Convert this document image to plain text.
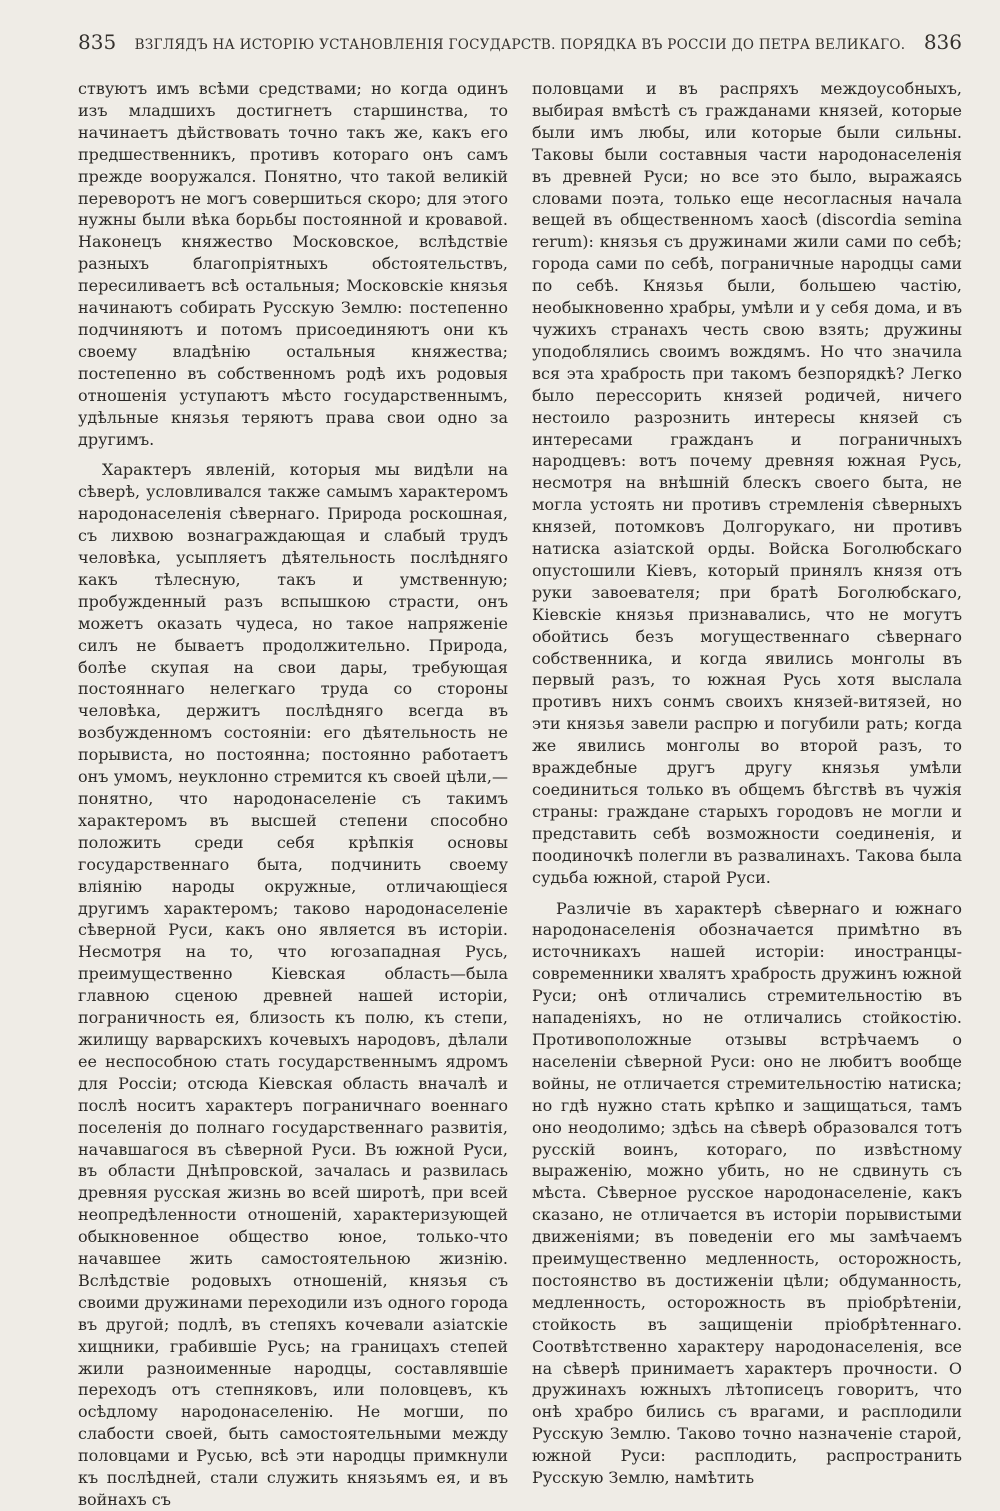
835	ВЗГЛЯДЪ НА ИСТОРІЮ УСТАНОВЛЕНІЯ ГОСУДАРСТВ. ПОРЯДКА ВЪ РОССІИ ДО ПЕТРА ВЕЛИКАГО. 836

ствуютъ имъ всѣми средствами; но когда одинъ изъ младшихъ достигнетъ старшинства, то начинаетъ дѣйствовать точно такъ же, какъ его предшественникъ, противъ котораго онъ самъ прежде вооружался. Понятно, что такой великій переворотъ не могъ совершиться скоро; для этого нужны были вѣка борьбы постоянной и кровавой. Наконецъ княжество Московское, вслѣдствіе разныхъ благопріятныхъ обстоятельствъ, пересиливаетъ всѣ остальныя; Московскіе князья начинаютъ собирать Русскую Землю: постепенно подчиняютъ и потомъ присоединяютъ они къ своему владѣнію остальныя княжества; постепенно въ собственномъ родѣ ихъ родовыя отношенія уступаютъ мѣсто государственнымъ, удѣльные князья теряютъ права свои одно за другимъ.

Характеръ явленій, которыя мы видѣли на сѣверѣ, условливался также самымъ характеромъ народонаселенія сѣвернаго. Природа роскошная, съ лихвою вознаграждающая и слабый трудъ человѣка, усыпляетъ дѣятельность послѣдняго какъ тѣлесную, такъ и умственную; пробужденный разъ вспышкою страсти, онъ можетъ оказать чудеса, но такое напряженіе силъ не бываетъ продолжительно. Природа, болѣе скупая на свои дары, требующая постояннаго нелегкаго труда со стороны человѣка, держитъ послѣдняго всегда въ возбужденномъ состояніи: его дѣятельность не порывиста, но постоянна; постоянно работаетъ онъ умомъ, неуклонно стремится къ своей цѣли,—понятно, что народонаселеніе съ такимъ характеромъ въ высшей степени способно положить среди себя крѣпкія основы государственнаго быта, подчинить своему вліянію народы окружные, отличающіеся другимъ характеромъ; таково народонаселеніе сѣверной Руси, какъ оно является въ исторіи. Несмотря на то, что югозападная Русь, преимущественно Кіевская область—была главною сценою древней нашей исторіи, пограничность ея, близость къ полю, къ степи, жилищу варварскихъ кочевыхъ народовъ, дѣлали ее неспособною стать государственнымъ ядромъ для Россіи; отсюда Кіевская область вначалѣ и послѣ носитъ характеръ пограничнаго военнаго поселенія до полнаго государственнаго развитія, начавшагося въ сѣверной Руси. Въ южной Руси, въ области Днѣпровской, зачалась и развилась древняя русская жизнь во всей широтѣ, при всей неопредѣленности отношеній, характеризующей обыкновенное общество юное, только-что начавшее жить самостоятельною жизнію. Вслѣдствіе родовыхъ отношеній, князья съ своими дружинами переходили изъ одного города въ другой; подлѣ, въ степяхъ кочевали азіатскіе хищники, грабившіе Русь; на границахъ степей жили разноименные народцы, составлявшіе переходъ отъ степняковъ, или половцевъ, къ осѣдлому народонаселенію. Не могши, по слабости своей, быть самостоятельными между половцами и Русью, всѣ эти народцы примкнули къ послѣдней, стали служить князьямъ ея, и въ войнахъ съ

половцами и въ распряхъ междоусобныхъ, выбирая вмѣстѣ съ гражданами князей, которые были имъ любы, или которые были сильны. Таковы были составныя части народонаселенія въ древней Руси; но все это было, выражаясь словами поэта, только еще несогласныя начала вещей въ общественномъ хаосѣ (discordia semina rerum): князья съ дружинами жили сами по себѣ; города сами по себѣ, пограничные народцы сами по себѣ. Князья были, большею частію, необыкновенно храбры, умѣли и у себя дома, и въ чужихъ странахъ честь свою взять; дружины уподоблялись своимъ вождямъ. Но что значила вся эта храбрость при такомъ безпорядкѣ? Легко было перессорить князей родичей, ничего нестоило разрознить интересы князей съ интересами гражданъ и пограничныхъ народцевъ: вотъ почему древняя южная Русь, несмотря на внѣшній блескъ своего быта, не могла устоять ни противъ стремленія сѣверныхъ князей, потомковъ Долгорукаго, ни противъ натиска азіатской орды. Войска Боголюбскаго опустошили Кіевъ, который принялъ князя отъ руки завоевателя; при братѣ Боголюбскаго, Кіевскіе князья признавались, что не могутъ обойтись безъ могущественнаго сѣвернаго собственника, и когда явились монголы въ первый разъ, то южная Русь хотя выслала противъ нихъ сонмъ своихъ князей-витязей, но эти князья завели распрю и погубили рать; когда же явились монголы во второй разъ, то враждебные другъ другу князья умѣли соединиться только въ общемъ бѣгствѣ въ чужія страны: граждане старыхъ городовъ не могли и представить себѣ возможности соединенія, и поодиночкѣ полегли въ развалинахъ. Такова была судьба южной, старой Руси.

Различіе въ характерѣ сѣвернаго и южнаго народонаселенія обозначается примѣтно въ источникахъ нашей исторіи: иностранцы-современники хвалятъ храбрость дружинъ южной Руси; онѣ отличались стремительностію въ нападеніяхъ, но не отличались стойкостію. Противоположные отзывы встрѣчаемъ о населеніи сѣверной Руси: оно не любитъ вообще войны, не отличается стремительностію натиска; но гдѣ нужно стать крѣпко и защищаться, тамъ оно неодолимо; здѣсь на сѣверѣ образовался тотъ русскій воинъ, котораго, по извѣстному выраженію, можно убить, но не сдвинуть съ мѣста. Сѣверное русское народонаселеніе, какъ сказано, не отличается въ исторіи порывистыми движеніями; въ поведеніи его мы замѣчаемъ преимущественно медленность, осторожность, постоянство въ достиженіи цѣли; обдуманность, медленность, осторожность въ пріобрѣтеніи, стойкость въ защищеніи пріобрѣтеннаго. Соотвѣтственно характеру народонаселенія, все на сѣверѣ принимаетъ характеръ прочности. О дружинахъ южныхъ лѣтописецъ говоритъ, что онѣ храбро бились съ врагами, и расплодили Русскую Землю. Таково точно назначеніе старой, южной Руси: расплодить, распространить Русскую Землю, намѣтить
